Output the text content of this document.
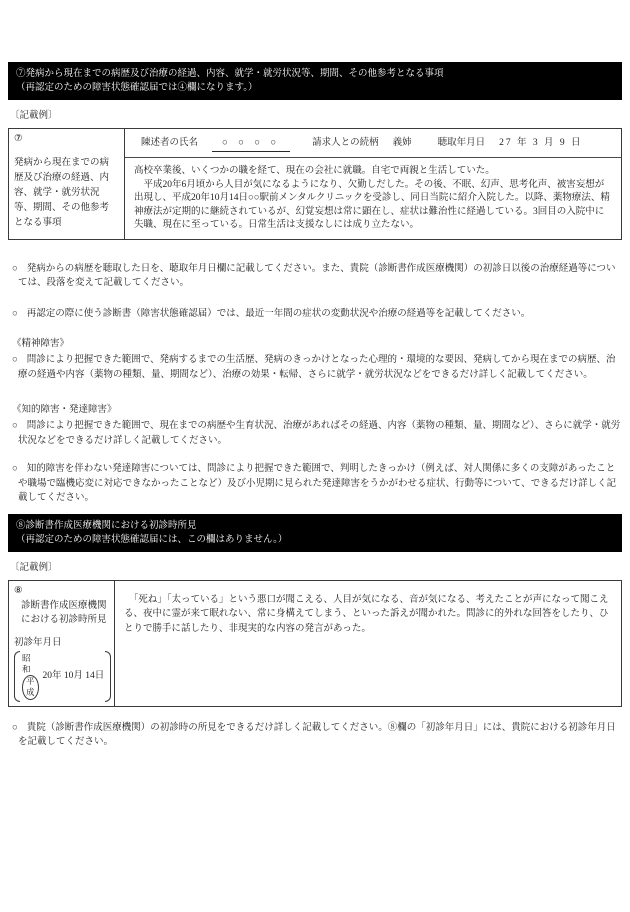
⑦発病から現在までの病歴及び治療の経過、内容、就学・就労状況等、期間、その他参考となる事項
（再認定のための障害状態確認届では④欄になります。）
〔記載例〕
⑦
発病から現在までの病歴及び治療の経過、内容、就学・就労状況等、期間、その他参考となる事項
陳述者の氏名	○ ○ ○ ○	請求人との続柄 義姉	聴取年月日 27 年 3 月 9 日
高校卒業後、いくつかの職を経て、現在の会社に就職。自宅で両親と生活していた。
　平成20年6月頃から人目が気になるようになり、欠勤しだした。その後、不眠、幻声、思考化声、被害妄想が出現し、平成20年10月14日○○駅前メンタルクリニックを受診し、同日当院に紹介入院した。以降、薬物療法、精神療法が定期的に継続されているが、幻覚妄想は常に顕在し、症状は難治性に経過している。3回目の入院中に失職、現在に至っている。日常生活は支援なしには成り立たない。
○ 発病からの病歴を聴取した日を、聴取年月日欄に記載してください。また、貴院（診断書作成医療機関）の初診日以後の治療経過等については、段落を変えて記載してください。
○ 再認定の際に使う診断書（障害状態確認届）では、最近一年間の症状の変動状況や治療の経過等を記載してください。
《精神障害》
○ 問診により把握できた範囲で、発病するまでの生活歴、発病のきっかけとなった心理的・環境的な要因、発病してから現在までの病歴、治療の経過や内容（薬物の種類、量、期間など）、治療の効果・転帰、さらに就学・就労状況などをできるだけ詳しく記載してください。
《知的障害・発達障害》
○ 問診により把握できた範囲で、現在までの病歴や生育状況、治療があればその経過、内容（薬物の種類、量、期間など）、さらに就学・就労状況などをできるだけ詳しく記載してください。
○ 知的障害を伴わない発達障害については、問診により把握できた範囲で、判明したきっかけ（例えば、対人関係に多くの支障があったことや職場で臨機応変に対応できなかったことなど）及び小児期に見られた発達障害をうかがわせる症状、行動等について、できるだけ詳しく記載してください。
⑧診断書作成医療機関における初診時所見
（再認定のための障害状態確認届には、この欄はありません。）
〔記載例〕
⑧
診断書作成医療機関における初診時所見
初診年月日
昭和
平成
20年 10月 14日
　「死ね」「太っている」という悪口が聞こえる、人目が気になる、音が気になる、考えたことが声になって聞こえる、夜中に霊が来て眠れない、常に身構えてしまう、といった訴えが聞かれた。問診に的外れな回答をしたり、ひとりで勝手に話したり、非現実的な内容の発言があった。
○ 貴院（診断書作成医療機関）の初診時の所見をできるだけ詳しく記載してください。⑧欄の「初診年月日」には、貴院における初診年月日を記載してください。
